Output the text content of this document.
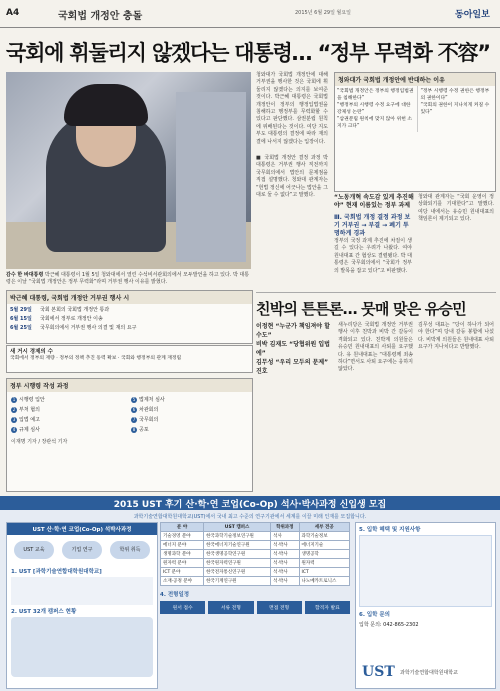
A4	국회법 개정안 충돌	2015년 6월 29일 월요일	동아일보
국회에 휘둘리지 않겠다는 대통령… “정부 무력화 不容”
감수 한 바대통령 박근혜 대통령이 1월 5일 청와대에서 열린 수석비서관회의에서 모두발언을 하고 있다. 박 대통령은 이날 “국회법 개정안은 정부 무력화”라며 거부권 행사 이유를 밝혔다.
청와대가 국회법 개정안에 대해 거부권을 행사한 것은 국회에 휘둘리지 않겠다는 의지를 보여준 것이다. 박근혜 대통령은 국회법 개정안이 정부의 행정입법권을 침해하고 행정부를 무력화할 수 있다고 판단했다. 삼권분립 원칙에 위배된다는 것이다. 여당 지도부도 대통령의 결정에 따라 재의결에 나서지 않겠다는 입장이다.
■ 국회법 개정안 결정 과정 박 대통령은 거부권 행사 직전까지 국무회의에서 법안의 문제점을 직접 설명했다. 청와대 관계자는 “헌법 정신에 어긋나는 법안을 그대로 둘 수 없다”고 말했다.
청와대가 국회법 개정안에 반대하는 이유
“국회법 개정안은 정부의 행정입법권을 침해한다”
“행정부의 시행령 수정 요구에 대한 강제성 논란”
“삼권분립 원칙에 맞지 않아 위헌 소지가 크다”
“정부 시행령 수정 권한은 행정부의 권한이다”
“국회의 권한이 지나치게 커질 수 있다”
“노동개혁 속도감 있게 추진해야” 현재 이름있는 정부 과제
Ⅲ. 국회법 개정 결정 과정 보기 거부권 → 부결 → 폐기 투명하게 경과
정부의 국정 과제 추진에 차질이 생길 수 있다는 우려가 나왔다. 여야 원내대표 간 협상도 결렬됐다. 박 대통령은 국무회의에서 “국회가 정부의 발목을 잡고 있다”고 비판했다.
청와대 관계자는 “국회 운영이 정상화되기를 기대한다”고 말했다. 여당 내에서는 유승민 원내대표의 책임론이 제기되고 있다.
박근혜 대통령, 국회법 개정안 거부권 행사 시
5월 29일 국회 본회의 국회법 개정안 통과
6월 15일 국회에서 정부로 개정안 이송
6월 25일 국무회의에서 거부권 행사 의결 및 재의 요구
새 거시 경제의 수
국회에서 정부의 재량 · 정부의 정책 추진 동력 확보 · 국회와 행정부의 관계 재정립
친박의 튼튼론… 뭇매 맞은 유승민
이정현 “누군가 책임져야 할 수도”
비박 김재도 “당협위원 입법에”
김무성 “우리 모두의 문제” 진호
새누리당은 국회법 개정안 거부권 행사 이후 친박과 비박 간 갈등이 격화되고 있다. 친박계 의원들은 유승민 원내대표의 사퇴를 요구했다. 유 원내대표는 “대통령께 죄송하다”면서도 사퇴 요구에는 응하지 않았다.
김무성 대표는 “당이 하나가 되어야 한다”며 당내 갈등 봉합에 나섰다. 비박계 의원들은 원내대표 사퇴 요구가 지나치다고 반발했다.
정부 시행령 작성 과정
1 시행령 입안	5 법제처 심사
2 부처 협의	6 차관회의
3 입법 예고	7 국무회의
4 규제 심사	8 공포
이재명 기자 / 장관석 기자
2015 UST 후기 산·학·연 코업(Co-Op) 석사·박사과정 신입생 모집
과학기술연합대학원대학교(UST)에서 국내 최고 수준의 연구기관에서 세계를 이끌 미래 인재를 모집합니다.
UST 산·학·연 코업(Co-Op) 석박사과정
UST 교육	기업 연구	학위 취득
1. UST [과학기술연합대학원대학교]
2. UST 32개 캠퍼스 현황
분 야	UST 캠퍼스	학위과정	세부 전공
기술경영 분야	한국과학기술정보연구원	석사	과학기술정보
에너지 분야	한국에너지기술연구원	석·박사	에너지기술
생명과학 분야	한국생명공학연구원	석·박사	생명공학
원자력 분야	한국원자력연구원	석·박사	원자력
ICT 분야	한국전자통신연구원	석·박사	ICT
소재·공정 분야	한국기계연구원	석·박사	나노메카트로닉스
4. 전형일정
원서 접수	서류 전형	면접 전형	합격자 발표
5. 입학 혜택 및 지원사항
6. 입학 문의
입학 문의: 042-865-2302
UST 과학기술연합대학원대학교
